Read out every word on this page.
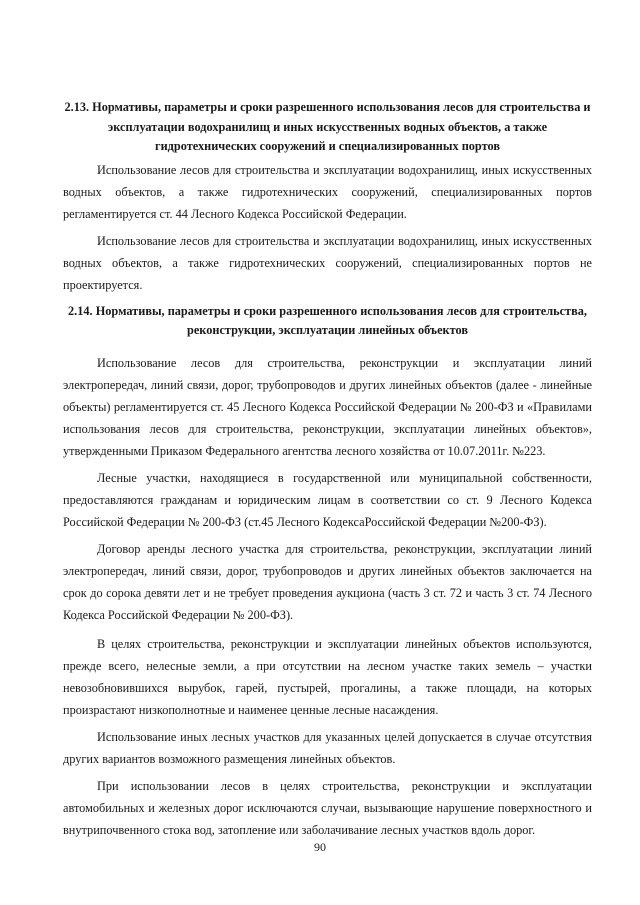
2.13. Нормативы, параметры и сроки разрешенного использования лесов для строительства и эксплуатации водохранилищ и иных искусственных водных объектов, а также гидротехнических сооружений и специализированных портов

Использование лесов для строительства и эксплуатации водохранилищ, иных искусственных водных объектов, а также гидротехнических сооружений, специализированных портов регламентируется ст. 44 Лесного Кодекса Российской Федерации.

Использование лесов для строительства и эксплуатации водохранилищ, иных искусственных водных объектов, а также гидротехнических сооружений, специализированных портов не проектируется.

2.14. Нормативы, параметры и сроки разрешенного использования лесов для строительства, реконструкции, эксплуатации линейных объектов

Использование лесов для строительства, реконструкции и эксплуатации линий электропередач, линий связи, дорог, трубопроводов и других линейных объектов (далее - линейные объекты) регламентируется ст. 45 Лесного Кодекса Российской Федерации № 200-ФЗ и «Правилами использования лесов для строительства, реконструкции, эксплуатации линейных объектов», утвержденными Приказом Федерального агентства лесного хозяйства от 10.07.2011г. №223.

Лесные участки, находящиеся в государственной или муниципальной собственности, предоставляются гражданам и юридическим лицам в соответствии со ст. 9 Лесного Кодекса Российской Федерации № 200-ФЗ (ст.45 Лесного КодексаРоссийской Федерации №200-ФЗ).

Договор аренды лесного участка для строительства, реконструкции, эксплуатации линий электропередач, линий связи, дорог, трубопроводов и других линейных объектов заключается на срок до сорока девяти лет и не требует проведения аукциона (часть 3 ст. 72 и часть 3 ст. 74 Лесного Кодекса Российской Федерации № 200-ФЗ).

В целях строительства, реконструкции и эксплуатации линейных объектов используются, прежде всего, нелесные земли, а при отсутствии на лесном участке таких земель – участки невозобновившихся вырубок, гарей, пустырей, прогалины, а также площади, на которых произрастают низкополнотные и наименее ценные лесные насаждения.

Использование иных лесных участков для указанных целей допускается в случае отсутствия других вариантов возможного размещения линейных объектов.

При использовании лесов в целях строительства, реконструкции и эксплуатации автомобильных и железных дорог исключаются случаи, вызывающие нарушение поверхностного и внутрипочвенного стока вод, затопление или заболачивание лесных участков вдоль дорог.

90
